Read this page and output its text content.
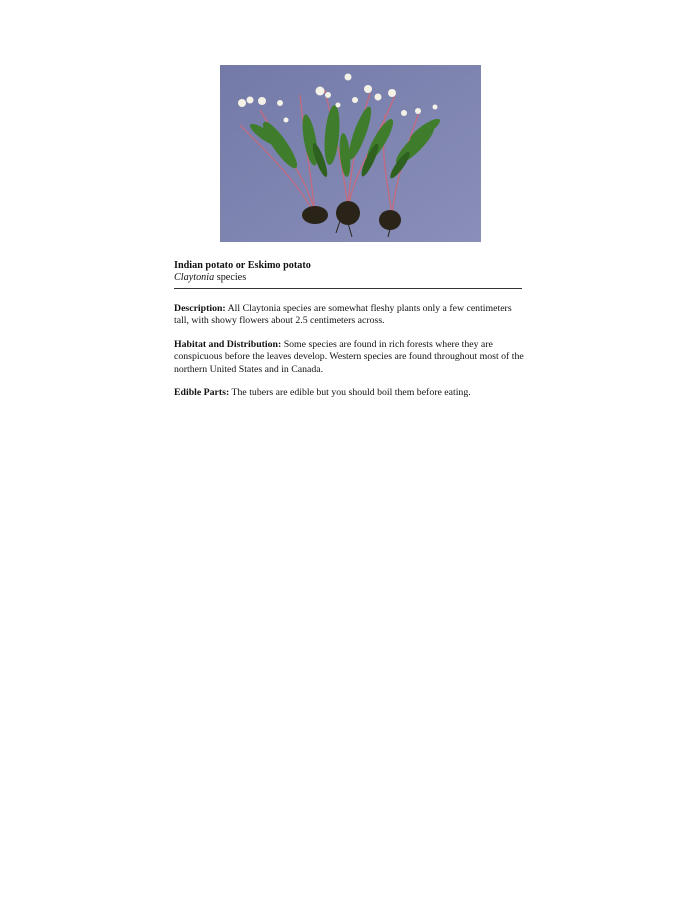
Indian potato or Eskimo potato
Claytonia species

Description: All Claytonia species are somewhat fleshy plants only a few centimeters tall, with showy flowers about 2.5 centimeters across.

Habitat and Distribution: Some species are found in rich forests where they are conspicuous before the leaves develop. Western species are found throughout most of the northern United States and in Canada.

Edible Parts: The tubers are edible but you should boil them before eating.
